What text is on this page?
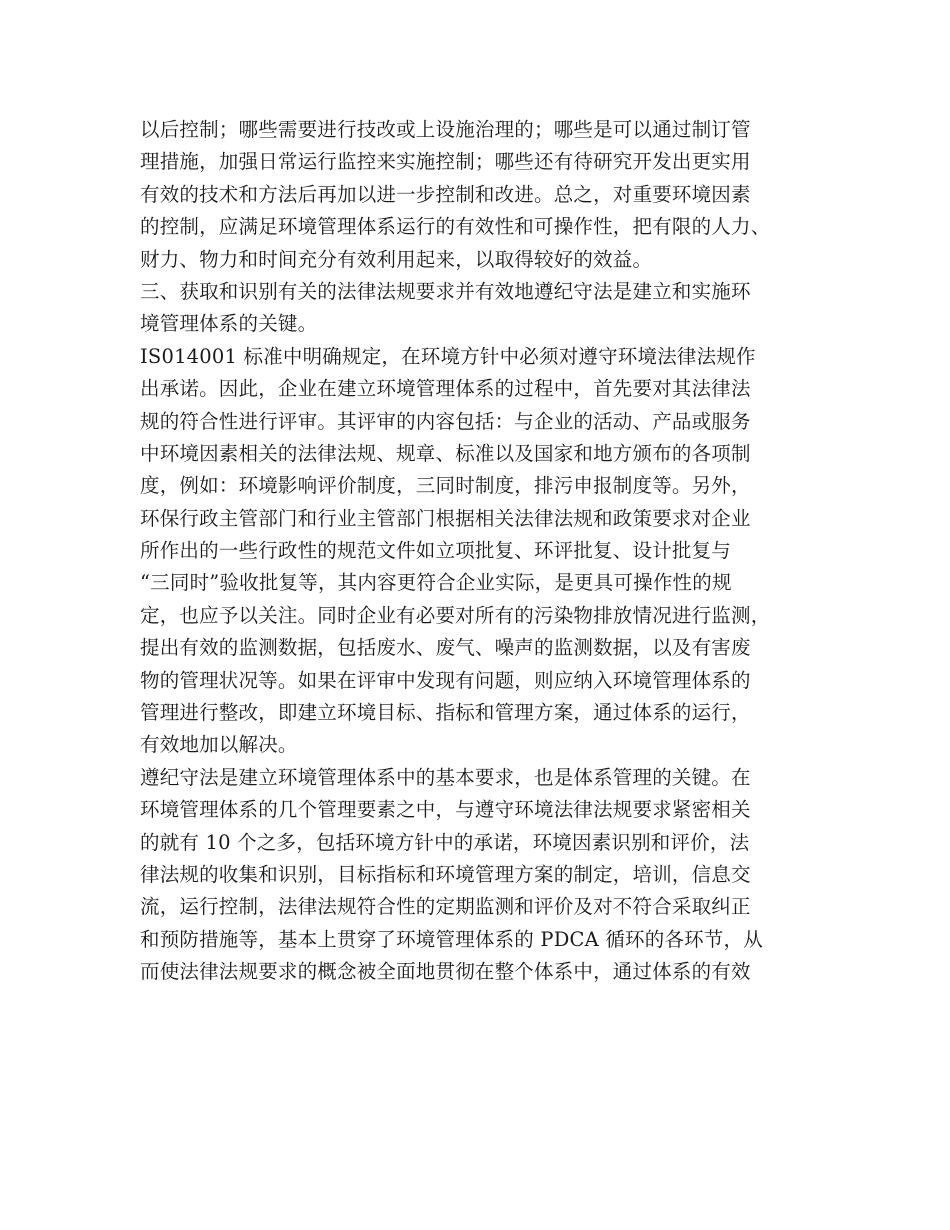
以后控制；哪些需要进行技改或上设施治理的；哪些是可以通过制订管
理措施，加强日常运行监控来实施控制；哪些还有待研究开发出更实用
有效的技术和方法后再加以进一步控制和改进。总之，对重要环境因素
的控制，应满足环境管理体系运行的有效性和可操作性，把有限的人力、
财力、物力和时间充分有效利用起来，以取得较好的效益。
三、获取和识别有关的法律法规要求并有效地遵纪守法是建立和实施环
境管理体系的关键。
IS014001 标准中明确规定，在环境方针中必须对遵守环境法律法规作
出承诺。因此，企业在建立环境管理体系的过程中，首先要对其法律法
规的符合性进行评审。其评审的内容包括：与企业的活动、产品或服务
中环境因素相关的法律法规、规章、标准以及国家和地方颁布的各项制
度，例如：环境影响评价制度，三同时制度，排污申报制度等。另外，
环保行政主管部门和行业主管部门根据相关法律法规和政策要求对企业
所作出的一些行政性的规范文件如立项批复、环评批复、设计批复与
“三同时”验收批复等，其内容更符合企业实际，是更具可操作性的规
定，也应予以关注。同时企业有必要对所有的污染物排放情况进行监测，
提出有效的监测数据，包括废水、废气、噪声的监测数据，以及有害废
物的管理状况等。如果在评审中发现有问题，则应纳入环境管理体系的
管理进行整改，即建立环境目标、指标和管理方案，通过体系的运行，
有效地加以解决。
遵纪守法是建立环境管理体系中的基本要求，也是体系管理的关键。在
环境管理体系的几个管理要素之中，与遵守环境法律法规要求紧密相关
的就有 10 个之多，包括环境方针中的承诺，环境因素识别和评价，法
律法规的收集和识别，目标指标和环境管理方案的制定，培训，信息交
流，运行控制，法律法规符合性的定期监测和评价及对不符合采取纠正
和预防措施等，基本上贯穿了环境管理体系的 PDCA 循环的各环节，从
而使法律法规要求的概念被全面地贯彻在整个体系中，通过体系的有效
